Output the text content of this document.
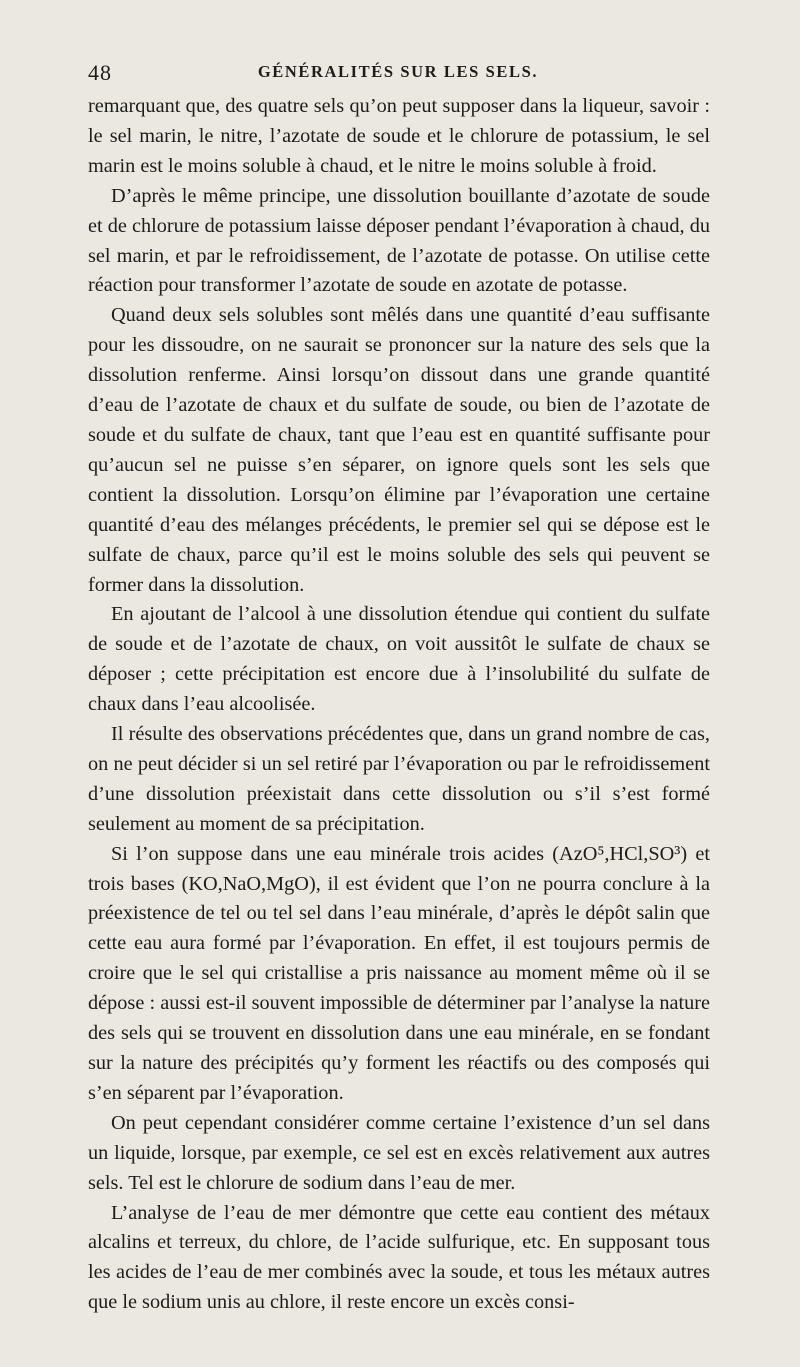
48	GÉNÉRALITÉS SUR LES SELS.

remarquant que, des quatre sels qu’on peut supposer dans la liqueur, savoir : le sel marin, le nitre, l’azotate de soude et le chlorure de potassium, le sel marin est le moins soluble à chaud, et le nitre le moins soluble à froid.

D’après le même principe, une dissolution bouillante d’azotate de soude et de chlorure de potassium laisse déposer pendant l’évaporation à chaud, du sel marin, et par le refroidissement, de l’azotate de potasse. On utilise cette réaction pour transformer l’azotate de soude en azotate de potasse.

Quand deux sels solubles sont mêlés dans une quantité d’eau suffisante pour les dissoudre, on ne saurait se prononcer sur la nature des sels que la dissolution renferme. Ainsi lorsqu’on dissout dans une grande quantité d’eau de l’azotate de chaux et du sulfate de soude, ou bien de l’azotate de soude et du sulfate de chaux, tant que l’eau est en quantité suffisante pour qu’aucun sel ne puisse s’en séparer, on ignore quels sont les sels que contient la dissolution. Lorsqu’on élimine par l’évaporation une certaine quantité d’eau des mélanges précédents, le premier sel qui se dépose est le sulfate de chaux, parce qu’il est le moins soluble des sels qui peuvent se former dans la dissolution.

En ajoutant de l’alcool à une dissolution étendue qui contient du sulfate de soude et de l’azotate de chaux, on voit aussitôt le sulfate de chaux se déposer ; cette précipitation est encore due à l’insolubilité du sulfate de chaux dans l’eau alcoolisée.

Il résulte des observations précédentes que, dans un grand nombre de cas, on ne peut décider si un sel retiré par l’évaporation ou par le refroidissement d’une dissolution préexistait dans cette dissolution ou s’il s’est formé seulement au moment de sa précipitation.

Si l’on suppose dans une eau minérale trois acides (AzO⁵,HCl,SO³) et trois bases (KO,NaO,MgO), il est évident que l’on ne pourra conclure à la préexistence de tel ou tel sel dans l’eau minérale, d’après le dépôt salin que cette eau aura formé par l’évaporation. En effet, il est toujours permis de croire que le sel qui cristallise a pris naissance au moment même où il se dépose : aussi est-il souvent impossible de déterminer par l’analyse la nature des sels qui se trouvent en dissolution dans une eau minérale, en se fondant sur la nature des précipités qu’y forment les réactifs ou des composés qui s’en séparent par l’évaporation.

On peut cependant considérer comme certaine l’existence d’un sel dans un liquide, lorsque, par exemple, ce sel est en excès relativement aux autres sels. Tel est le chlorure de sodium dans l’eau de mer.

L’analyse de l’eau de mer démontre que cette eau contient des métaux alcalins et terreux, du chlore, de l’acide sulfurique, etc. En supposant tous les acides de l’eau de mer combinés avec la soude, et tous les métaux autres que le sodium unis au chlore, il reste encore un excès consi-
